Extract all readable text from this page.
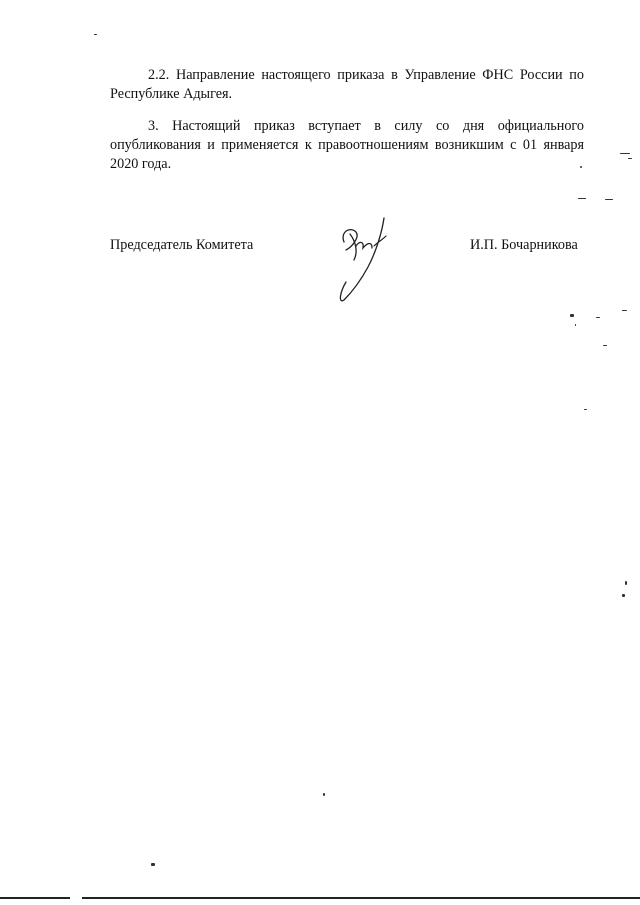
2.2. Направление настоящего приказа в Управление ФНС России по Республике Адыгея.

3. Настоящий приказ вступает в силу со дня официального опубликования и применяется к правоотношениям возникшим с 01 января 2020 года.

Председатель Комитета	И.П. Бочарникова
